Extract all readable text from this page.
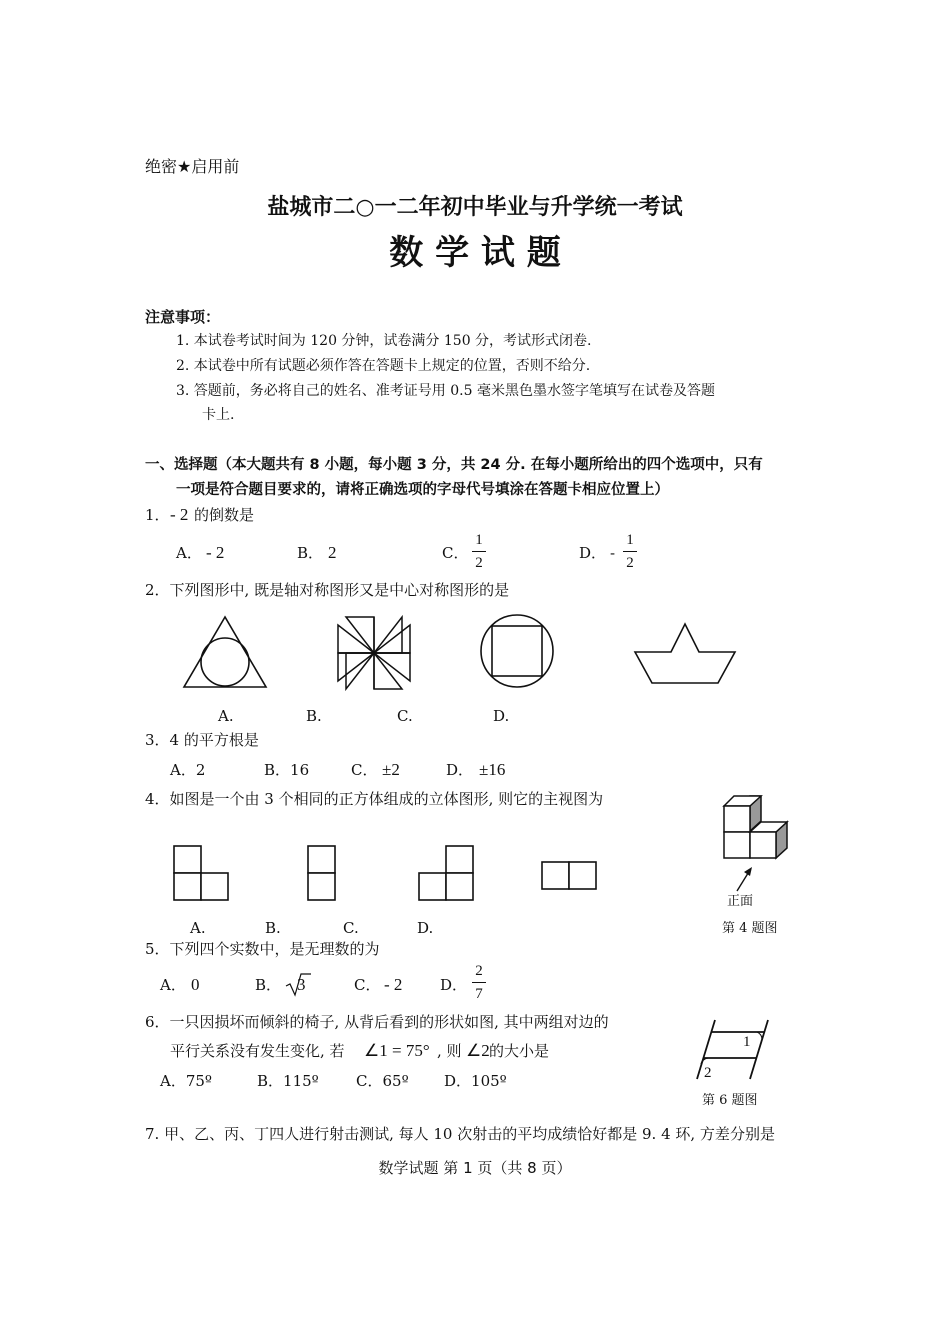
绝密★启用前
盐城市二○一二年初中毕业与升学统一考试
数 学 试 题
注意事项：
1. 本试卷考试时间为 120 分钟，试卷满分 150 分，考试形式闭卷.
2. 本试卷中所有试题必须作答在答题卡上规定的位置，否则不给分.
3. 答题前，务必将自己的姓名、准考证号用 0.5 毫米黑色墨水签字笔填写在试卷及答题
卡上.
一、选择题（本大题共有 8 小题，每小题 3 分，共 24 分. 在每小题所给出的四个选项中，只有
一项是符合题目要求的，请将正确选项的字母代号填涂在答题卡相应位置上）
1． - 2 的倒数是
A． - 2	B． 2	C．
1
2
D． -
1
2
2．下列图形中, 既是轴对称图形又是中心对称图形的是
A.	B.	C.	D.
3．4 的平方根是
A．2	B．16	C． ±2	D． ±16
4．如图是一个由 3 个相同的正方体组成的立体图形, 则它的主视图为
A.	B.	C.	D.
正面
第 4 题图
5．下列四个实数中，是无理数的为
A． 0	B． 3	C． - 2	D．
2
7
6．一只因损坏而倾斜的椅子, 从背后看到的形状如图, 其中两组对边的
平行关系没有发生变化, 若 ∠1 = 75° , 则 ∠2 的大小是
A．75º	B．115º C．65º D．105º
1
2
第 6 题图
7. 甲、乙、丙、丁四人进行射击测试, 每人 10 次射击的平均成绩恰好都是 9. 4 环, 方差分别是
数学试题 第 1 页（共 8 页）
